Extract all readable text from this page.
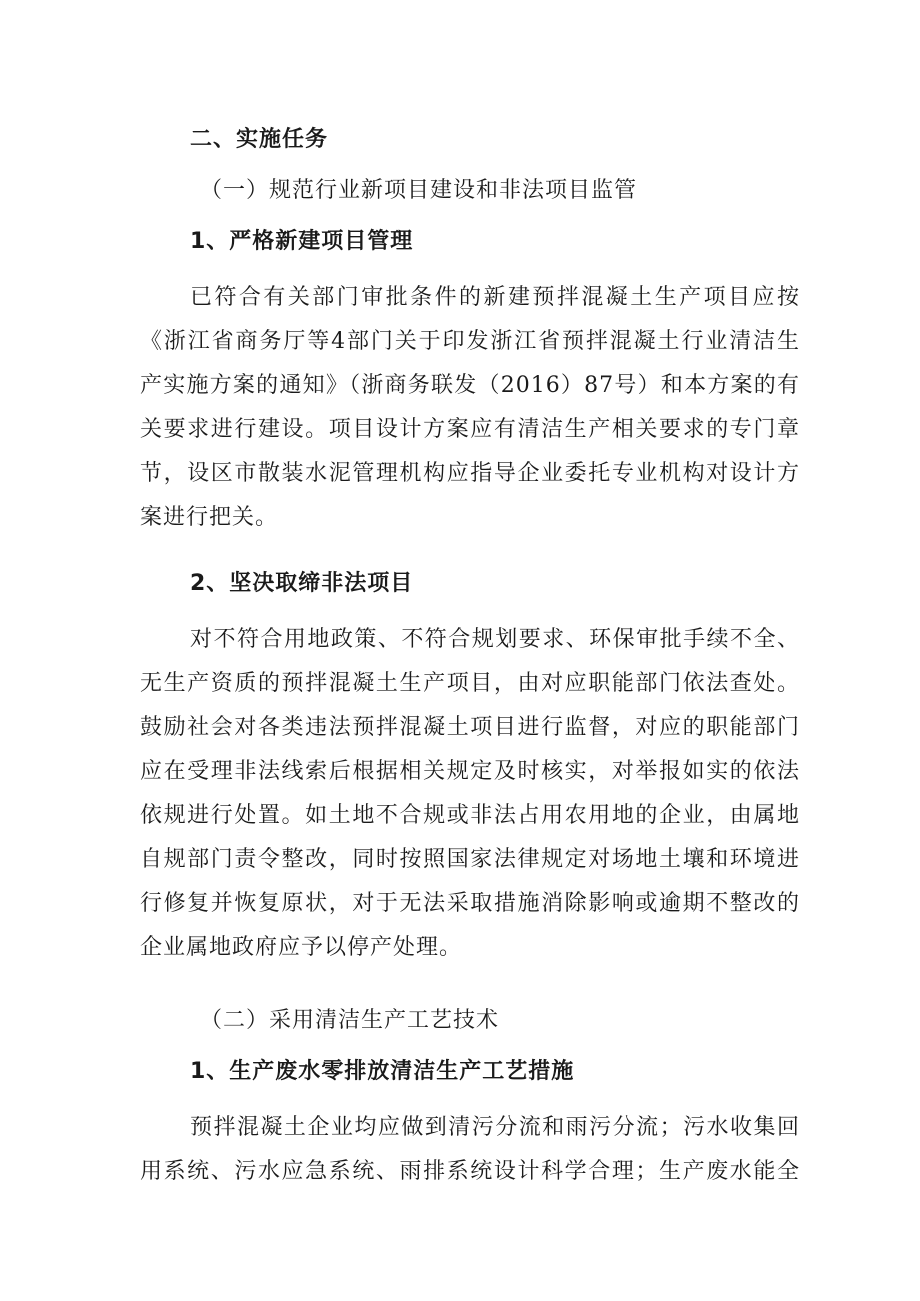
二、实施任务
（一）规范行业新项目建设和非法项目监管
1、严格新建项目管理
已符合有关部门审批条件的新建预拌混凝土生产项目应按
《浙江省商务厅等4部门关于印发浙江省预拌混凝土行业清洁生
产实施方案的通知》（浙商务联发（2016）87号）和本方案的有
关要求进行建设。项目设计方案应有清洁生产相关要求的专门章
节，设区市散装水泥管理机构应指导企业委托专业机构对设计方
案进行把关。
2、坚决取缔非法项目
对不符合用地政策、不符合规划要求、环保审批手续不全、
无生产资质的预拌混凝土生产项目，由对应职能部门依法查处。
鼓励社会对各类违法预拌混凝土项目进行监督，对应的职能部门
应在受理非法线索后根据相关规定及时核实，对举报如实的依法
依规进行处置。如土地不合规或非法占用农用地的企业，由属地
自规部门责令整改，同时按照国家法律规定对场地土壤和环境进
行修复并恢复原状，对于无法采取措施消除影响或逾期不整改的
企业属地政府应予以停产处理。
（二）采用清洁生产工艺技术
1、生产废水零排放清洁生产工艺措施
预拌混凝土企业均应做到清污分流和雨污分流；污水收集回
用系统、污水应急系统、雨排系统设计科学合理；生产废水能全
